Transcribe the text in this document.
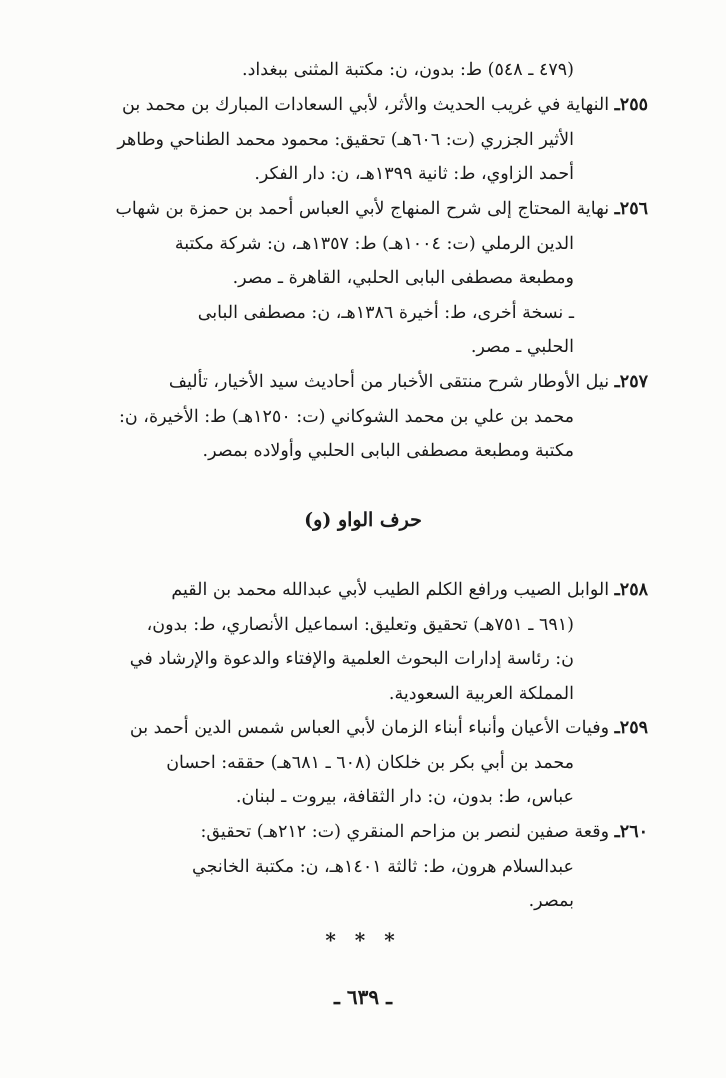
(٤٧٩ ـ ٥٤٨) ط: بدون، ن: مكتبة المثنى ببغداد.
٢٥٥ـ النهاية في غريب الحديث والأثر، لأبي السعادات المبارك بن محمد بن
الأثير الجزري (ت: ٦٠٦هـ) تحقيق: محمود محمد الطناحي وطاهر
أحمد الزاوي، ط: ثانية ١٣٩٩هـ، ن: دار الفكر.
٢٥٦ـ نهاية المحتاج إلى شرح المنهاج لأبي العباس أحمد بن حمزة بن شهاب
الدين الرملي (ت: ١٠٠٤هـ) ط: ١٣٥٧هـ، ن: شركة مكتبة
ومطبعة مصطفى البابى الحلبي، القاهرة ـ مصر.
ـ نسخة أخرى، ط: أخيرة ١٣٨٦هـ، ن: مصطفى البابى
الحلبي ـ مصر.
٢٥٧ـ نيل الأوطار شرح منتقى الأخبار من أحاديث سيد الأخيار، تأليف
محمد بن علي بن محمد الشوكاني (ت: ١٢٥٠هـ) ط: الأخيرة، ن:
مكتبة ومطبعة مصطفى البابى الحلبي وأولاده بمصر.
حرف الواو (و)
٢٥٨ـ الوابل الصيب ورافع الكلم الطيب لأبي عبدالله محمد بن القيم
(٦٩١ ـ ٧٥١هـ) تحقيق وتعليق: اسماعيل الأنصاري، ط: بدون،
ن: رئاسة إدارات البحوث العلمية والإفتاء والدعوة والإرشاد في
المملكة العربية السعودية.
٢٥٩ـ وفيات الأعيان وأنباء أبناء الزمان لأبي العباس شمس الدين أحمد بن
محمد بن أبي بكر بن خلكان (٦٠٨ ـ ٦٨١هـ) حققه: احسان
عباس، ط: بدون، ن: دار الثقافة، بيروت ـ لبنان.
٢٦٠ـ وقعة صفين لنصر بن مزاحم المنقري (ت: ٢١٢هـ) تحقيق:
عبدالسلام هرون، ط: ثالثة ١٤٠١هـ، ن: مكتبة الخانجي
بمصر.
* * *
ـ ٦٣٩ ـ
